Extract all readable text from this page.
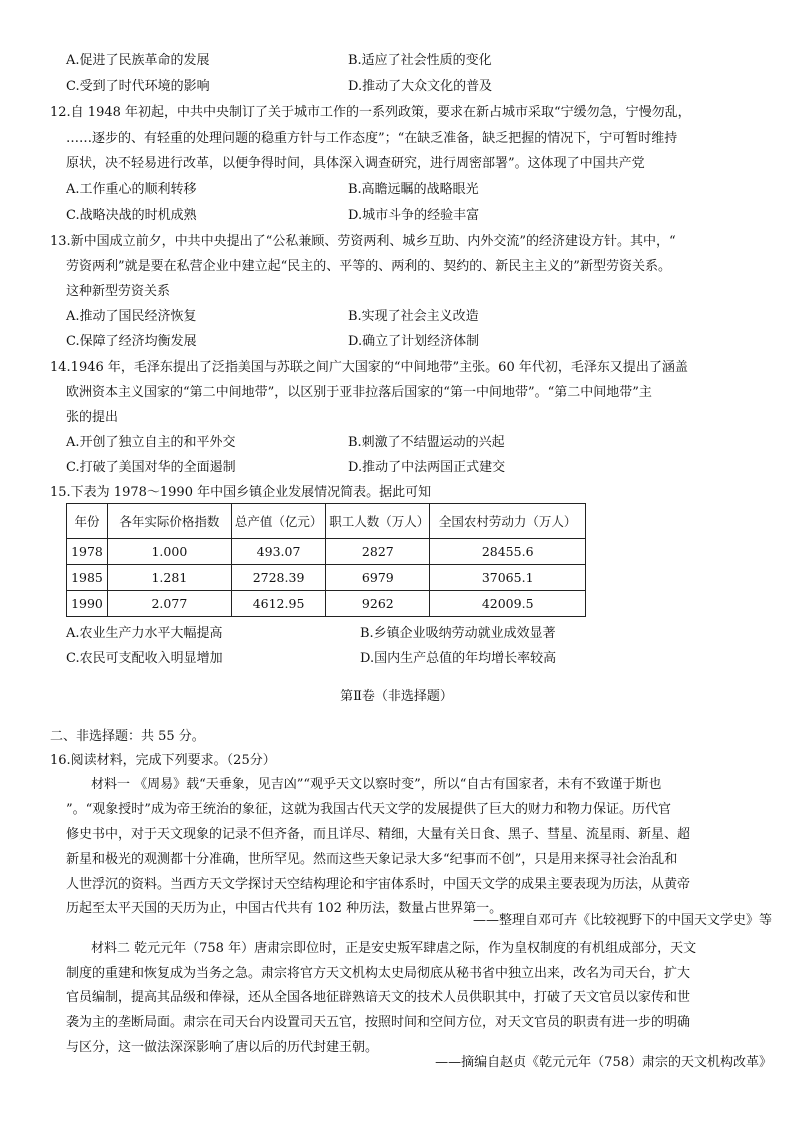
A.促进了民族革命的发展	B.适应了社会性质的变化
C.受到了时代环境的影响	D.推动了大众文化的普及
12.自 1948 年初起，中共中央制订了关于城市工作的一系列政策，要求在新占城市采取“宁缓勿急，宁慢勿乱，
……逐步的、有轻重的处理问题的稳重方针与工作态度”；“在缺乏准备，缺乏把握的情况下，宁可暂时维持
原状，决不轻易进行改革，以便争得时间，具体深入调查研究，进行周密部署”。这体现了中国共产党
A.工作重心的顺利转移	B.高瞻远瞩的战略眼光
C.战略决战的时机成熟	D.城市斗争的经验丰富
13.新中国成立前夕，中共中央提出了“公私兼顾、劳资两利、城乡互助、内外交流”的经济建设方针。其中，“
劳资两利”就是要在私营企业中建立起“民主的、平等的、两利的、契约的、新民主主义的”新型劳资关系。
这种新型劳资关系
A.推动了国民经济恢复	B.实现了社会主义改造
C.保障了经济均衡发展	D.确立了计划经济体制
14.1946 年，毛泽东提出了泛指美国与苏联之间广大国家的“中间地带”主张。60 年代初，毛泽东又提出了涵盖
欧洲资本主义国家的“第二中间地带”，以区别于亚非拉落后国家的“第一中间地带”。“第二中间地带”主
张的提出
A.开创了独立自主的和平外交	B.刺激了不结盟运动的兴起
C.打破了美国对华的全面遏制	D.推动了中法两国正式建交
15.下表为 1978～1990 年中国乡镇企业发展情况简表。据此可知
年份	各年实际价格指数	总产值（亿元）	职工人数（万人）	全国农村劳动力（万人）
1978	1.000	493.07	2827	28455.6
1985	1.281	2728.39	6979	37065.1
1990	2.077	4612.95	9262	42009.5
A.农业生产力水平大幅提高	B.乡镇企业吸纳劳动就业成效显著
C.农民可支配收入明显增加	D.国内生产总值的年均增长率较高
第Ⅱ卷（非选择题）
二、非选择题：共 55 分。
16.阅读材料，完成下列要求。（25分）
材料一 《周易》载“天垂象，见吉凶”“观乎天文以察时变”，所以“自古有国家者，未有不致谨于斯也
”。“观象授时”成为帝王统治的象征，这就为我国古代天文学的发展提供了巨大的财力和物力保证。历代官
修史书中，对于天文现象的记录不但齐备，而且详尽、精细，大量有关日食、黑子、彗星、流星雨、新星、超
新星和极光的观测都十分准确，世所罕见。然而这些天象记录大多“纪事而不创”，只是用来探寻社会治乱和
人世浮沉的资料。当西方天文学探讨天空结构理论和宇宙体系时，中国天文学的成果主要表现为历法，从黄帝
历起至太平天国的天历为止，中国古代共有 102 种历法，数量占世界第一。
——整理自邓可卉《比较视野下的中国天文学史》等
材料二 乾元元年（758 年）唐肃宗即位时，正是安史叛军肆虐之际，作为皇权制度的有机组成部分，天文
制度的重建和恢复成为当务之急。肃宗将官方天文机构太史局彻底从秘书省中独立出来，改名为司天台，扩大
官员编制，提高其品级和俸禄，还从全国各地征辟熟谙天文的技术人员供职其中，打破了天文官员以家传和世
袭为主的垄断局面。肃宗在司天台内设置司天五官，按照时间和空间方位，对天文官员的职责有进一步的明确
与区分，这一做法深深影响了唐以后的历代封建王朝。
——摘编自赵贞《乾元元年（758）肃宗的天文机构改革》
